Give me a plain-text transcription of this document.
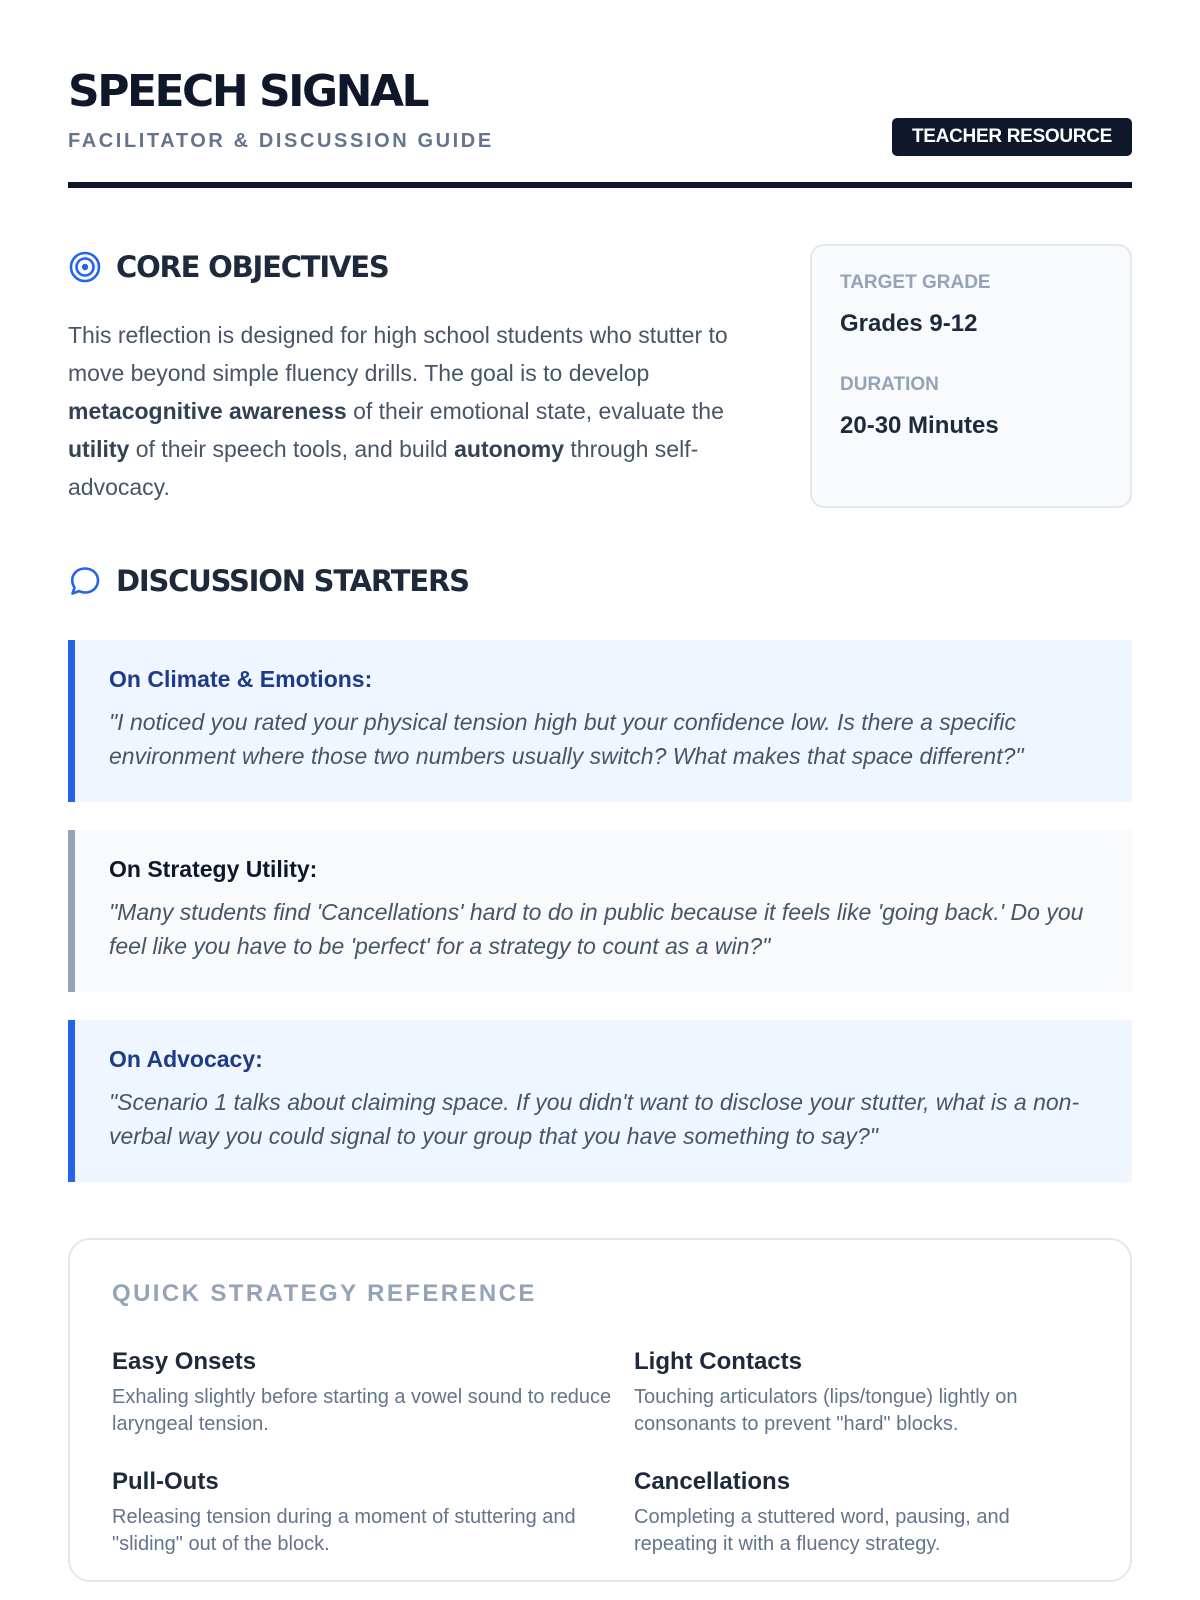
SPEECH SIGNAL
FACILITATOR & DISCUSSION GUIDE	TEACHER RESOURCE
CORE OBJECTIVES

This reflection is designed for high school students who stutter to move beyond simple fluency drills. The goal is to develop metacognitive awareness of their emotional state, evaluate the utility of their speech tools, and build autonomy through self-advocacy.

TARGET GRADE
Grades 9-12
DURATION
20-30 Minutes
DISCUSSION STARTERS
On Climate & Emotions:
"I noticed you rated your physical tension high but your confidence low. Is there a specific environment where those two numbers usually switch? What makes that space different?"
On Strategy Utility:
"Many students find 'Cancellations' hard to do in public because it feels like 'going back.' Do you feel like you have to be 'perfect' for a strategy to count as a win?"
On Advocacy:
"Scenario 1 talks about claiming space. If you didn't want to disclose your stutter, what is a non-verbal way you could signal to your group that you have something to say?"
QUICK STRATEGY REFERENCE
Easy Onsets
Exhaling slightly before starting a vowel sound to reduce laryngeal tension.
Light Contacts
Touching articulators (lips/tongue) lightly on consonants to prevent "hard" blocks.
Pull-Outs
Releasing tension during a moment of stuttering and "sliding" out of the block.
Cancellations
Completing a stuttered word, pausing, and repeating it with a fluency strategy.
